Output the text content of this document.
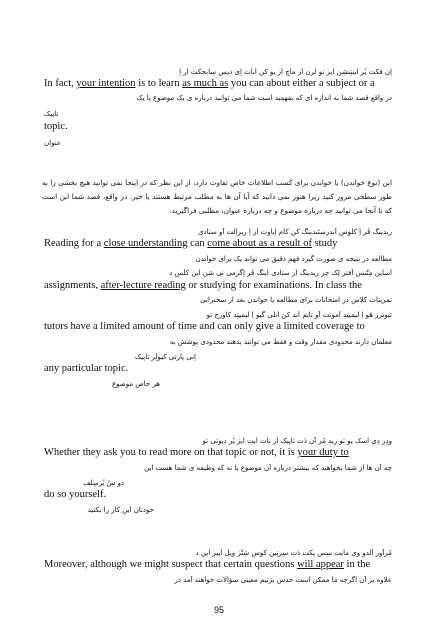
اِن فکت یُر اینتِنشِن ایز تو لرن اَز ماچ اَز یو کن اَبات اِی دیس سابجکت اُر اِ
In fact, your intention is to learn as much as you can about either a subject or a
در واقع قصد شما به اندازه ای که بفهمید است شما می توانید درباره ی یک موضوع یا یک
تاپیک
topic.
عنوان
این (نوع خواندن) با خواندن برای کسب اطلاعات خاص تفاوت دارد، از این نظر که در اینجا نمی توانید هیچ بخشی را به طور سطحی مرور کنید زیرا هنوز نمی دانید که آیا آن ها به مطلب مرتبط هستند یا خیر. در واقع، قصد شما این است که تا آنجا می توانید چه درباره موضوع و چه درباره عنوان، مطلبی فراگیرید.
ریدینگ فُر اِ کلوس آندرستَندینگ کن کام اِباوت اَز اِ ریزالت آو ستادی
Reading for a close understanding can come about as a result of study
مطالعه در نتیجه ی صورت گیرد فهم دقیق می تواند یک برای خواندن
اَساین مِنْتس آفتر لِک چر ریدینگ اُر ستادی اینگ فُر اِگزمی نی شن این کلَس د
assignments, after-lecture reading or studying for examinations. In class the
تمرینات کلاس در امتحانات برای مطالعه یا خواندن بعد از سخنرانی
تیوترز هَو اِ لیمیتِد اَمونت آو تایم اَند کن اُنلی گیو اِ لیمیتِد کاورج تو
tutors have a limited amount of time and can only give a limited coverage to
معلمان دارند محدودی مقدار وقت و فقط می توانند بدهند محدودی پوشش به
اِنی پارتی کیولِر تاپیک
any particular topic.
هر خاص موضوع
وِدِر دِی اسک یو تو رید مُر آن دَت تاپیک اُر نات ایت ایز یُر دیوتی تو
Whether they ask you to read more on that topic or not, it is your duty to
چه آن ها از شما بخواهند که بیشتر درباره آن موضوع یا نه که وظیفه ی شما هست این
دو سُ یُرسِلف
do so yourself.
خودتان این کار را بکنید
مُرآوِر آلدو وی مایت سِس پِکت دَت سِرتِین کوِس شِنْز ویل اَپیر این د
Moreover, although we might suspect that certain questions will appear in the
علاوه بر آن اگرچه ما ممکن است حدس بزنیم معینی سؤالات خواهند آمد در
95
